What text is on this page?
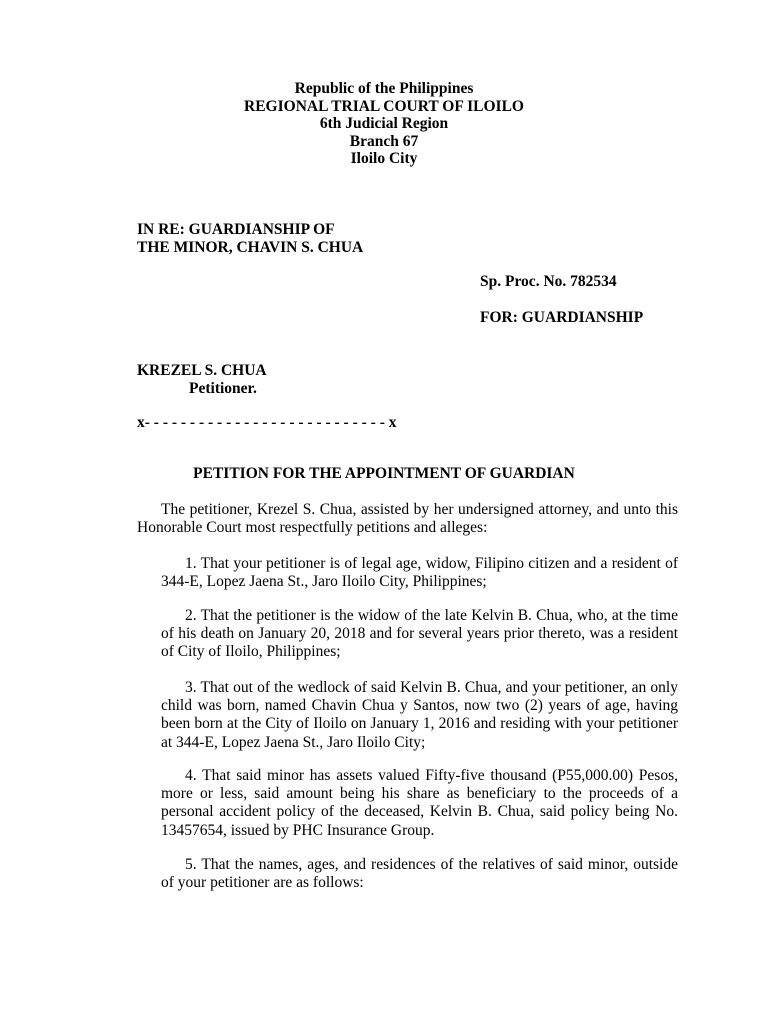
Republic of the Philippines
REGIONAL TRIAL COURT OF ILOILO
6th Judicial Region
Branch 67
Iloilo City
IN RE: GUARDIANSHIP OF
THE MINOR, CHAVIN S. CHUA
Sp. Proc. No. 782534
FOR: GUARDIANSHIP
KREZEL S. CHUA
Petitioner.
x- - - - - - - - - - - - - - - - - - - - - - - - - - - x
PETITION FOR THE APPOINTMENT OF GUARDIAN
The petitioner, Krezel S. Chua, assisted by her undersigned attorney, and unto this Honorable Court most respectfully petitions and alleges:
1. That your petitioner is of legal age, widow, Filipino citizen and a resident of 344-E, Lopez Jaena St., Jaro Iloilo City, Philippines;
2. That the petitioner is the widow of the late Kelvin B. Chua, who, at the time of his death on January 20, 2018 and for several years prior thereto, was a resident of City of Iloilo, Philippines;
3. That out of the wedlock of said Kelvin B. Chua, and your petitioner, an only child was born, named Chavin Chua y Santos, now two (2) years of age, having been born at the City of Iloilo on January 1, 2016 and residing with your petitioner at 344-E, Lopez Jaena St., Jaro Iloilo City;
4. That said minor has assets valued Fifty-five thousand (P55,000.00) Pesos, more or less, said amount being his share as beneficiary to the proceeds of a personal accident policy of the deceased, Kelvin B. Chua, said policy being No. 13457654, issued by PHC Insurance Group.
5. That the names, ages, and residences of the relatives of said minor, outside of your petitioner are as follows:
